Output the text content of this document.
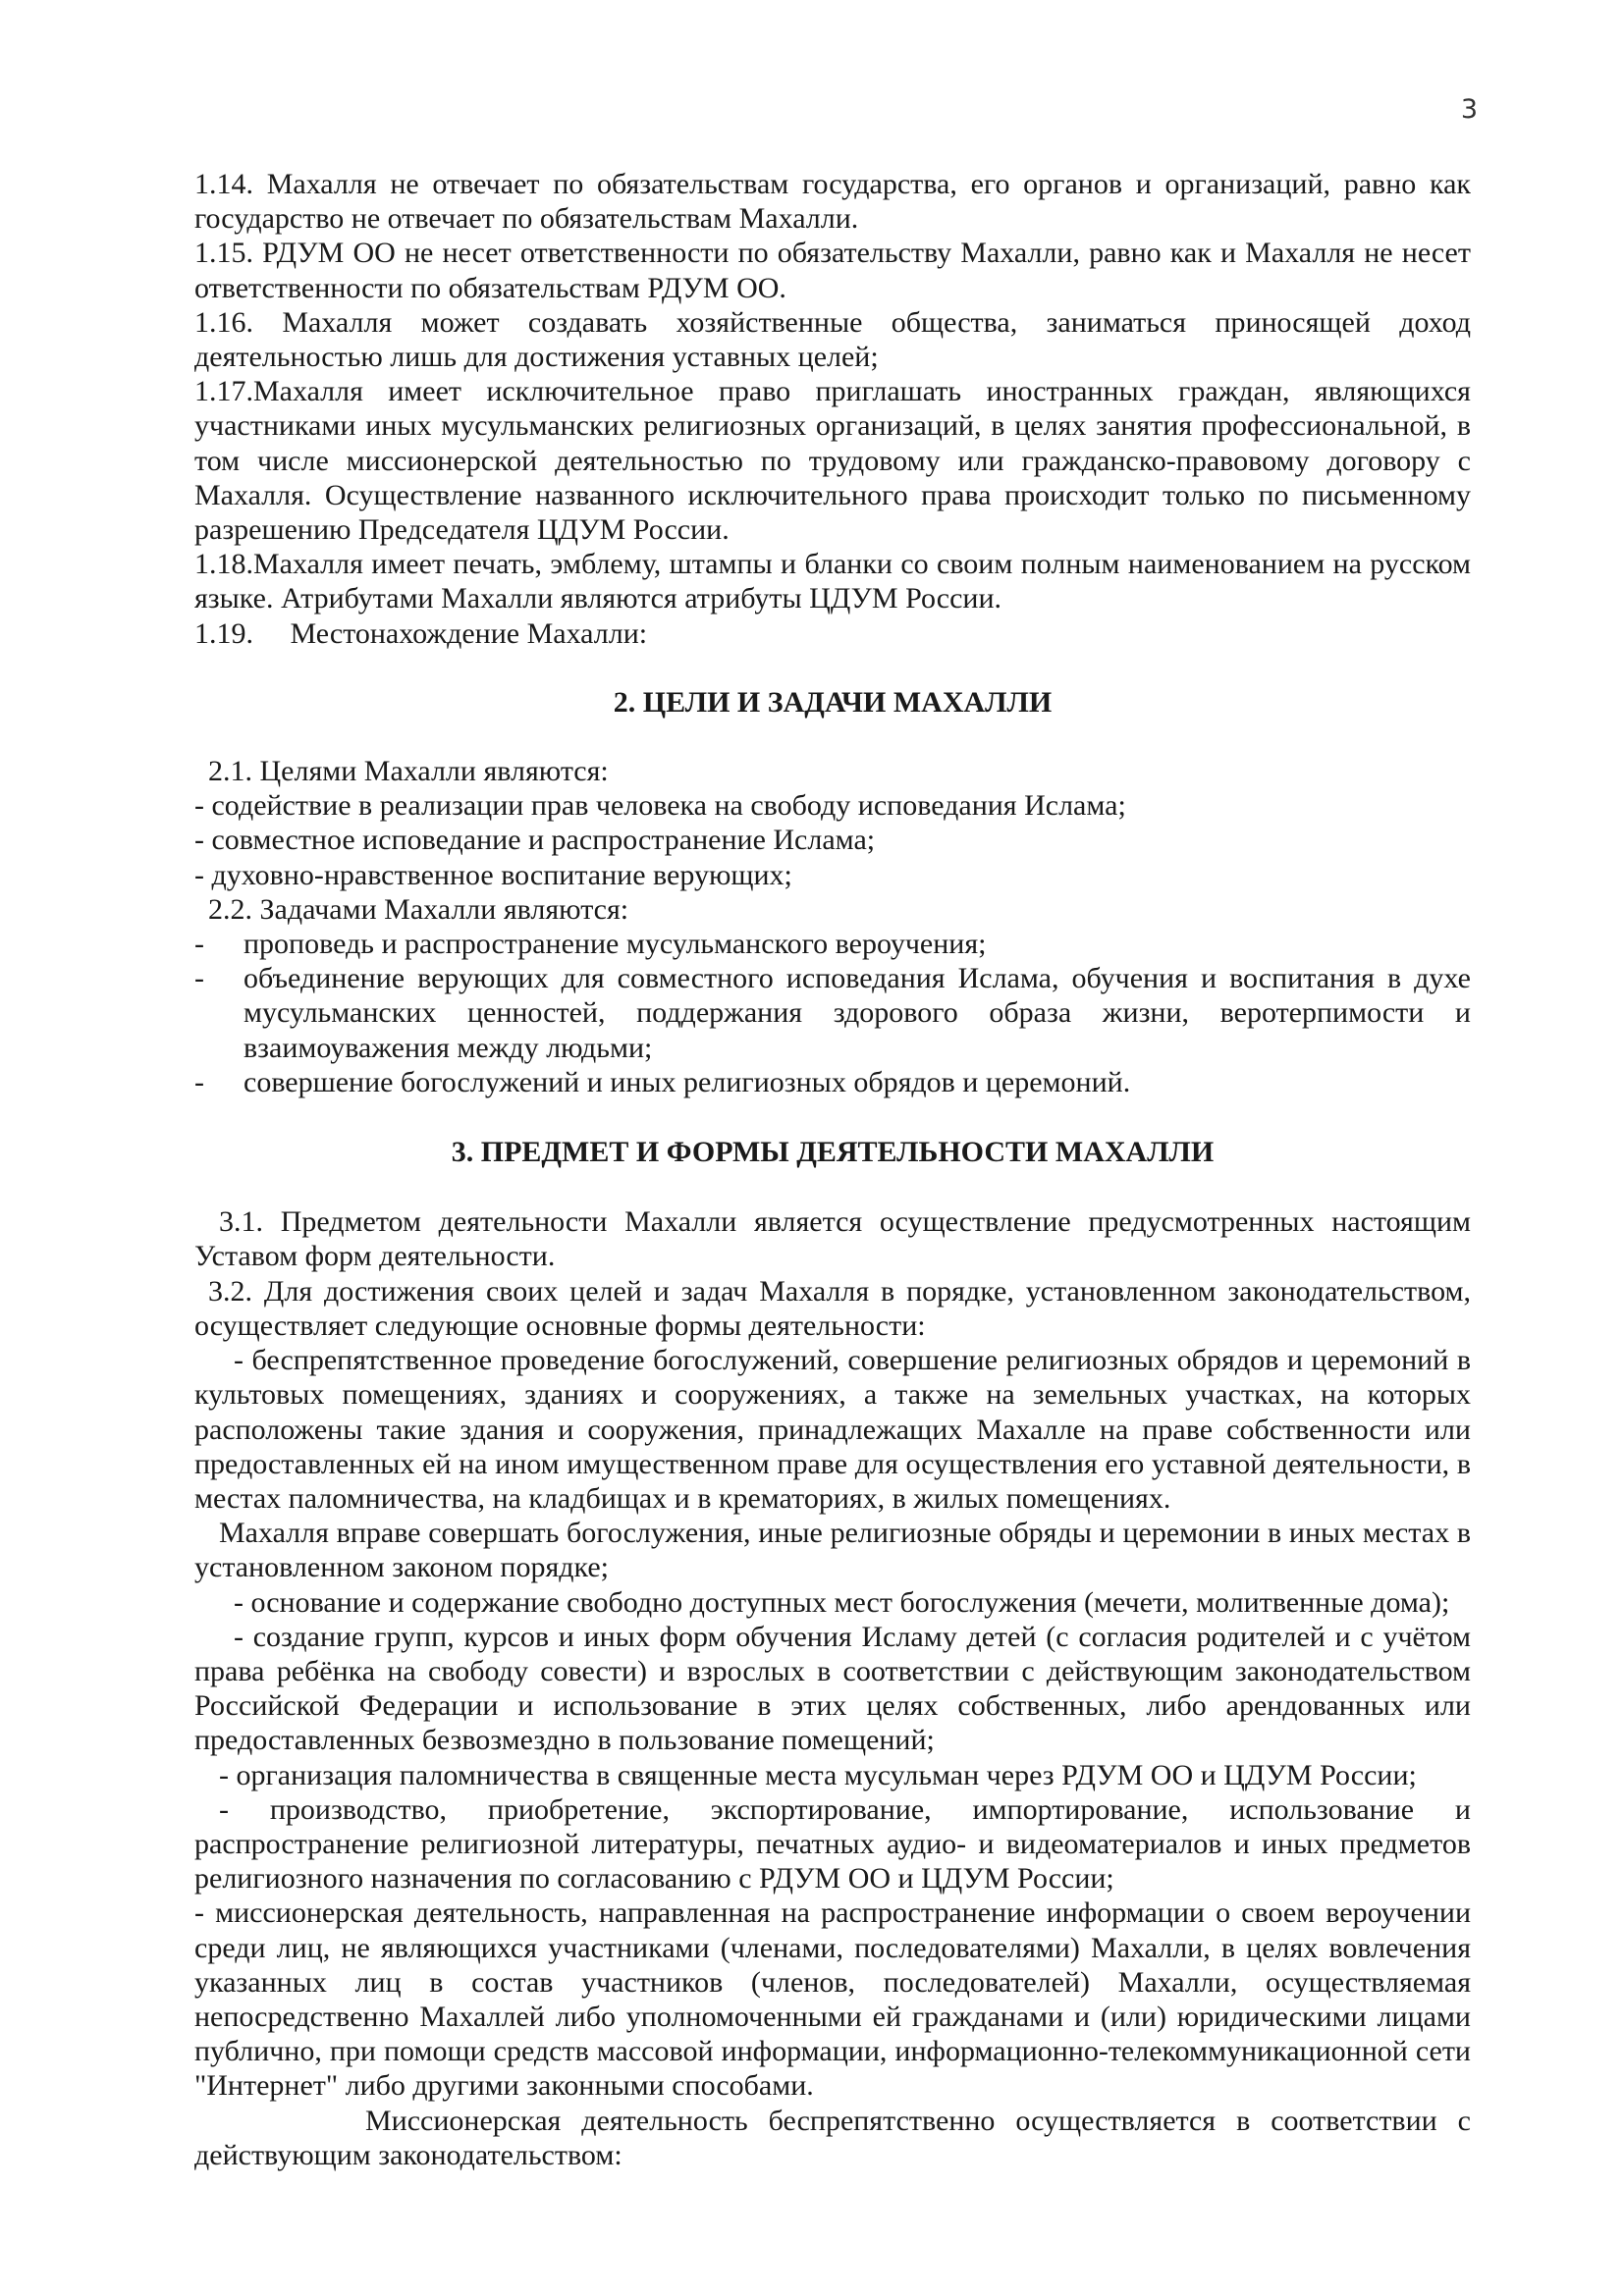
3

1.14. Махалля не отвечает по обязательствам государства, его органов и организаций, равно как государство не отвечает по обязательствам Махалли.

1.15. РДУМ ОО не несет ответственности по обязательству Махалли, равно как и Махалля не несет ответственности по обязательствам РДУМ ОО.

1.16. Махалля может создавать хозяйственные общества, заниматься приносящей доход деятельностью лишь для достижения уставных целей;

1.17.Махалля имеет исключительное право приглашать иностранных граждан, являющихся участниками иных мусульманских религиозных организаций, в целях занятия профессиональной, в том числе миссионерской деятельностью по трудовому или гражданско-правовому договору с Махалля. Осуществление названного исключительного права происходит только по письменному разрешению Председателя ЦДУМ России.

1.18.Махалля имеет печать, эмблему, штампы и бланки со своим полным наименованием на русском языке. Атрибутами Махалли являются атрибуты ЦДУМ России.

1.19.     Местонахождение Махалли:

2. ЦЕЛИ И ЗАДАЧИ МАХАЛЛИ

2.1. Целями Махалли являются:

- содействие в реализации прав человека на свободу исповедания Ислама;

- совместное исповедание и распространение Ислама;

- духовно-нравственное воспитание верующих;

2.2. Задачами Махалли являются:

-	проповедь и распространение мусульманского вероучения;
-	объединение верующих для совместного исповедания Ислама, обучения и воспитания в духе мусульманских ценностей, поддержания здорового образа жизни, веротерпимости и взаимоуважения между людьми;
-	совершение богослужений и иных религиозных обрядов и церемоний.
3. ПРЕДМЕТ И ФОРМЫ ДЕЯТЕЛЬНОСТИ МАХАЛЛИ

3.1. Предметом деятельности Махалли является осуществление предусмотренных настоящим Уставом форм деятельности.

3.2. Для достижения своих целей и задач Махалля в порядке, установленном законодательством, осуществляет следующие основные формы деятельности:

- беспрепятственное проведение богослужений, совершение религиозных обрядов и церемоний в культовых помещениях, зданиях и сооружениях, а также на земельных участках, на которых расположены такие здания и сооружения, принадлежащих Махалле на праве собственности или предоставленных ей на ином имущественном праве для осуществления его уставной деятельности, в местах паломничества, на кладбищах и в крематориях, в жилых помещениях.

Махалля вправе совершать богослужения, иные религиозные обряды и церемонии в иных местах в установленном законом порядке;

- основание и содержание свободно доступных мест богослужения (мечети, молитвенные дома);

- создание групп, курсов и иных форм обучения Исламу детей (с согласия родителей и с учётом права ребёнка на свободу совести) и взрослых в соответствии с действующим законодательством Российской Федерации и использование в этих целях собственных, либо арендованных или предоставленных безвозмездно в пользование помещений;

- организация паломничества в священные места мусульман через РДУМ ОО и ЦДУМ России;

- производство, приобретение, экспортирование, импортирование, использование и распространение религиозной литературы, печатных аудио- и видеоматериалов и иных предметов религиозного назначения по согласованию с РДУМ ОО и ЦДУМ России;

- миссионерская деятельность, направленная на распространение информации о своем вероучении среди лиц, не являющихся участниками (членами, последователями) Махалли, в целях вовлечения указанных лиц в состав участников (членов, последователей) Махалли, осуществляемая непосредственно Махаллей либо уполномоченными ей гражданами и (или) юридическими лицами публично, при помощи средств массовой информации, информационно-телекоммуникационной сети "Интернет" либо другими законными способами.

Миссионерская деятельность беспрепятственно осуществляется в соответствии с действующим законодательством:
